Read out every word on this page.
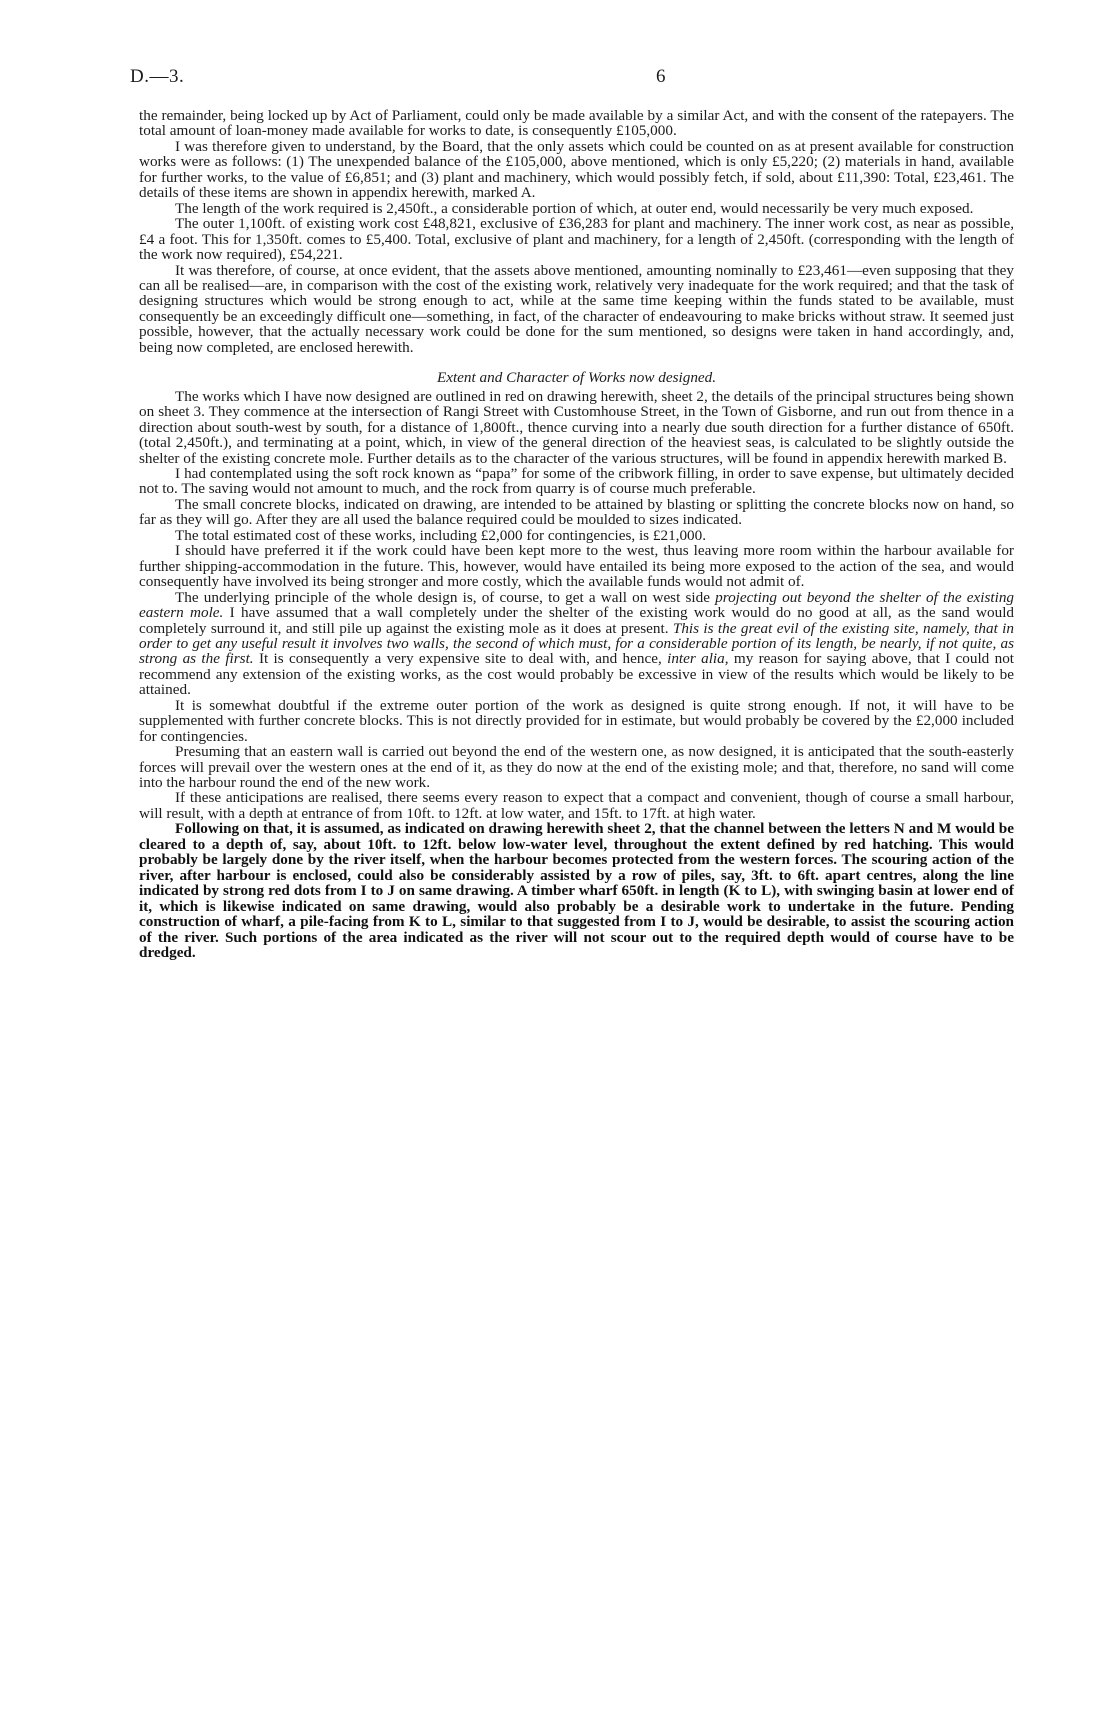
D.—3.	6

the remainder, being locked up by Act of Parliament, could only be made available by a similar Act, and with the consent of the ratepayers. The total amount of loan-money made available for works to date, is consequently £105,000.

I was therefore given to understand, by the Board, that the only assets which could be counted on as at present available for construction works were as follows: (1) The unexpended balance of the £105,000, above mentioned, which is only £5,220; (2) materials in hand, available for further works, to the value of £6,851; and (3) plant and machinery, which would possibly fetch, if sold, about £11,390: Total, £23,461. The details of these items are shown in appendix herewith, marked A.

The length of the work required is 2,450ft., a considerable portion of which, at outer end, would necessarily be very much exposed.

The outer 1,100ft. of existing work cost £48,821, exclusive of £36,283 for plant and machinery. The inner work cost, as near as possible, £4 a foot. This for 1,350ft. comes to £5,400. Total, exclusive of plant and machinery, for a length of 2,450ft. (corresponding with the length of the work now required), £54,221.

It was therefore, of course, at once evident, that the assets above mentioned, amounting nominally to £23,461—even supposing that they can all be realised—are, in comparison with the cost of the existing work, relatively very inadequate for the work required; and that the task of designing structures which would be strong enough to act, while at the same time keeping within the funds stated to be available, must consequently be an exceedingly difficult one—something, in fact, of the character of endeavouring to make bricks without straw. It seemed just possible, however, that the actually necessary work could be done for the sum mentioned, so designs were taken in hand accordingly, and, being now completed, are enclosed herewith.

Extent and Character of Works now designed.

The works which I have now designed are outlined in red on drawing herewith, sheet 2, the details of the principal structures being shown on sheet 3. They commence at the intersection of Rangi Street with Customhouse Street, in the Town of Gisborne, and run out from thence in a direction about south-west by south, for a distance of 1,800ft., thence curving into a nearly due south direction for a further distance of 650ft. (total 2,450ft.), and terminating at a point, which, in view of the general direction of the heaviest seas, is calculated to be slightly outside the shelter of the existing concrete mole. Further details as to the character of the various structures, will be found in appendix herewith marked B.

I had contemplated using the soft rock known as “papa” for some of the cribwork filling, in order to save expense, but ultimately decided not to. The saving would not amount to much, and the rock from quarry is of course much preferable.

The small concrete blocks, indicated on drawing, are intended to be attained by blasting or splitting the concrete blocks now on hand, so far as they will go. After they are all used the balance required could be moulded to sizes indicated.

The total estimated cost of these works, including £2,000 for contingencies, is £21,000.

I should have preferred it if the work could have been kept more to the west, thus leaving more room within the harbour available for further shipping-accommodation in the future. This, however, would have entailed its being more exposed to the action of the sea, and would consequently have involved its being stronger and more costly, which the available funds would not admit of.

The underlying principle of the whole design is, of course, to get a wall on west side projecting out beyond the shelter of the existing eastern mole. I have assumed that a wall completely under the shelter of the existing work would do no good at all, as the sand would completely surround it, and still pile up against the existing mole as it does at present. This is the great evil of the existing site, namely, that in order to get any useful result it involves two walls, the second of which must, for a considerable portion of its length, be nearly, if not quite, as strong as the first. It is consequently a very expensive site to deal with, and hence, inter alia, my reason for saying above, that I could not recommend any extension of the existing works, as the cost would probably be excessive in view of the results which would be likely to be attained.

It is somewhat doubtful if the extreme outer portion of the work as designed is quite strong enough. If not, it will have to be supplemented with further concrete blocks. This is not directly provided for in estimate, but would probably be covered by the £2,000 included for contingencies.

Presuming that an eastern wall is carried out beyond the end of the western one, as now designed, it is anticipated that the south-easterly forces will prevail over the western ones at the end of it, as they do now at the end of the existing mole; and that, therefore, no sand will come into the harbour round the end of the new work.

If these anticipations are realised, there seems every reason to expect that a compact and convenient, though of course a small harbour, will result, with a depth at entrance of from 10ft. to 12ft. at low water, and 15ft. to 17ft. at high water.

Following on that, it is assumed, as indicated on drawing herewith sheet 2, that the channel between the letters N and M would be cleared to a depth of, say, about 10ft. to 12ft. below low-water level, throughout the extent defined by red hatching. This would probably be largely done by the river itself, when the harbour becomes protected from the western forces. The scouring action of the river, after harbour is enclosed, could also be considerably assisted by a row of piles, say, 3ft. to 6ft. apart centres, along the line indicated by strong red dots from I to J on same drawing. A timber wharf 650ft. in length (K to L), with swinging basin at lower end of it, which is likewise indicated on same drawing, would also probably be a desirable work to undertake in the future. Pending construction of wharf, a pile-facing from K to L, similar to that suggested from I to J, would be desirable, to assist the scouring action of the river. Such portions of the area indicated as the river will not scour out to the required depth would of course have to be dredged.
